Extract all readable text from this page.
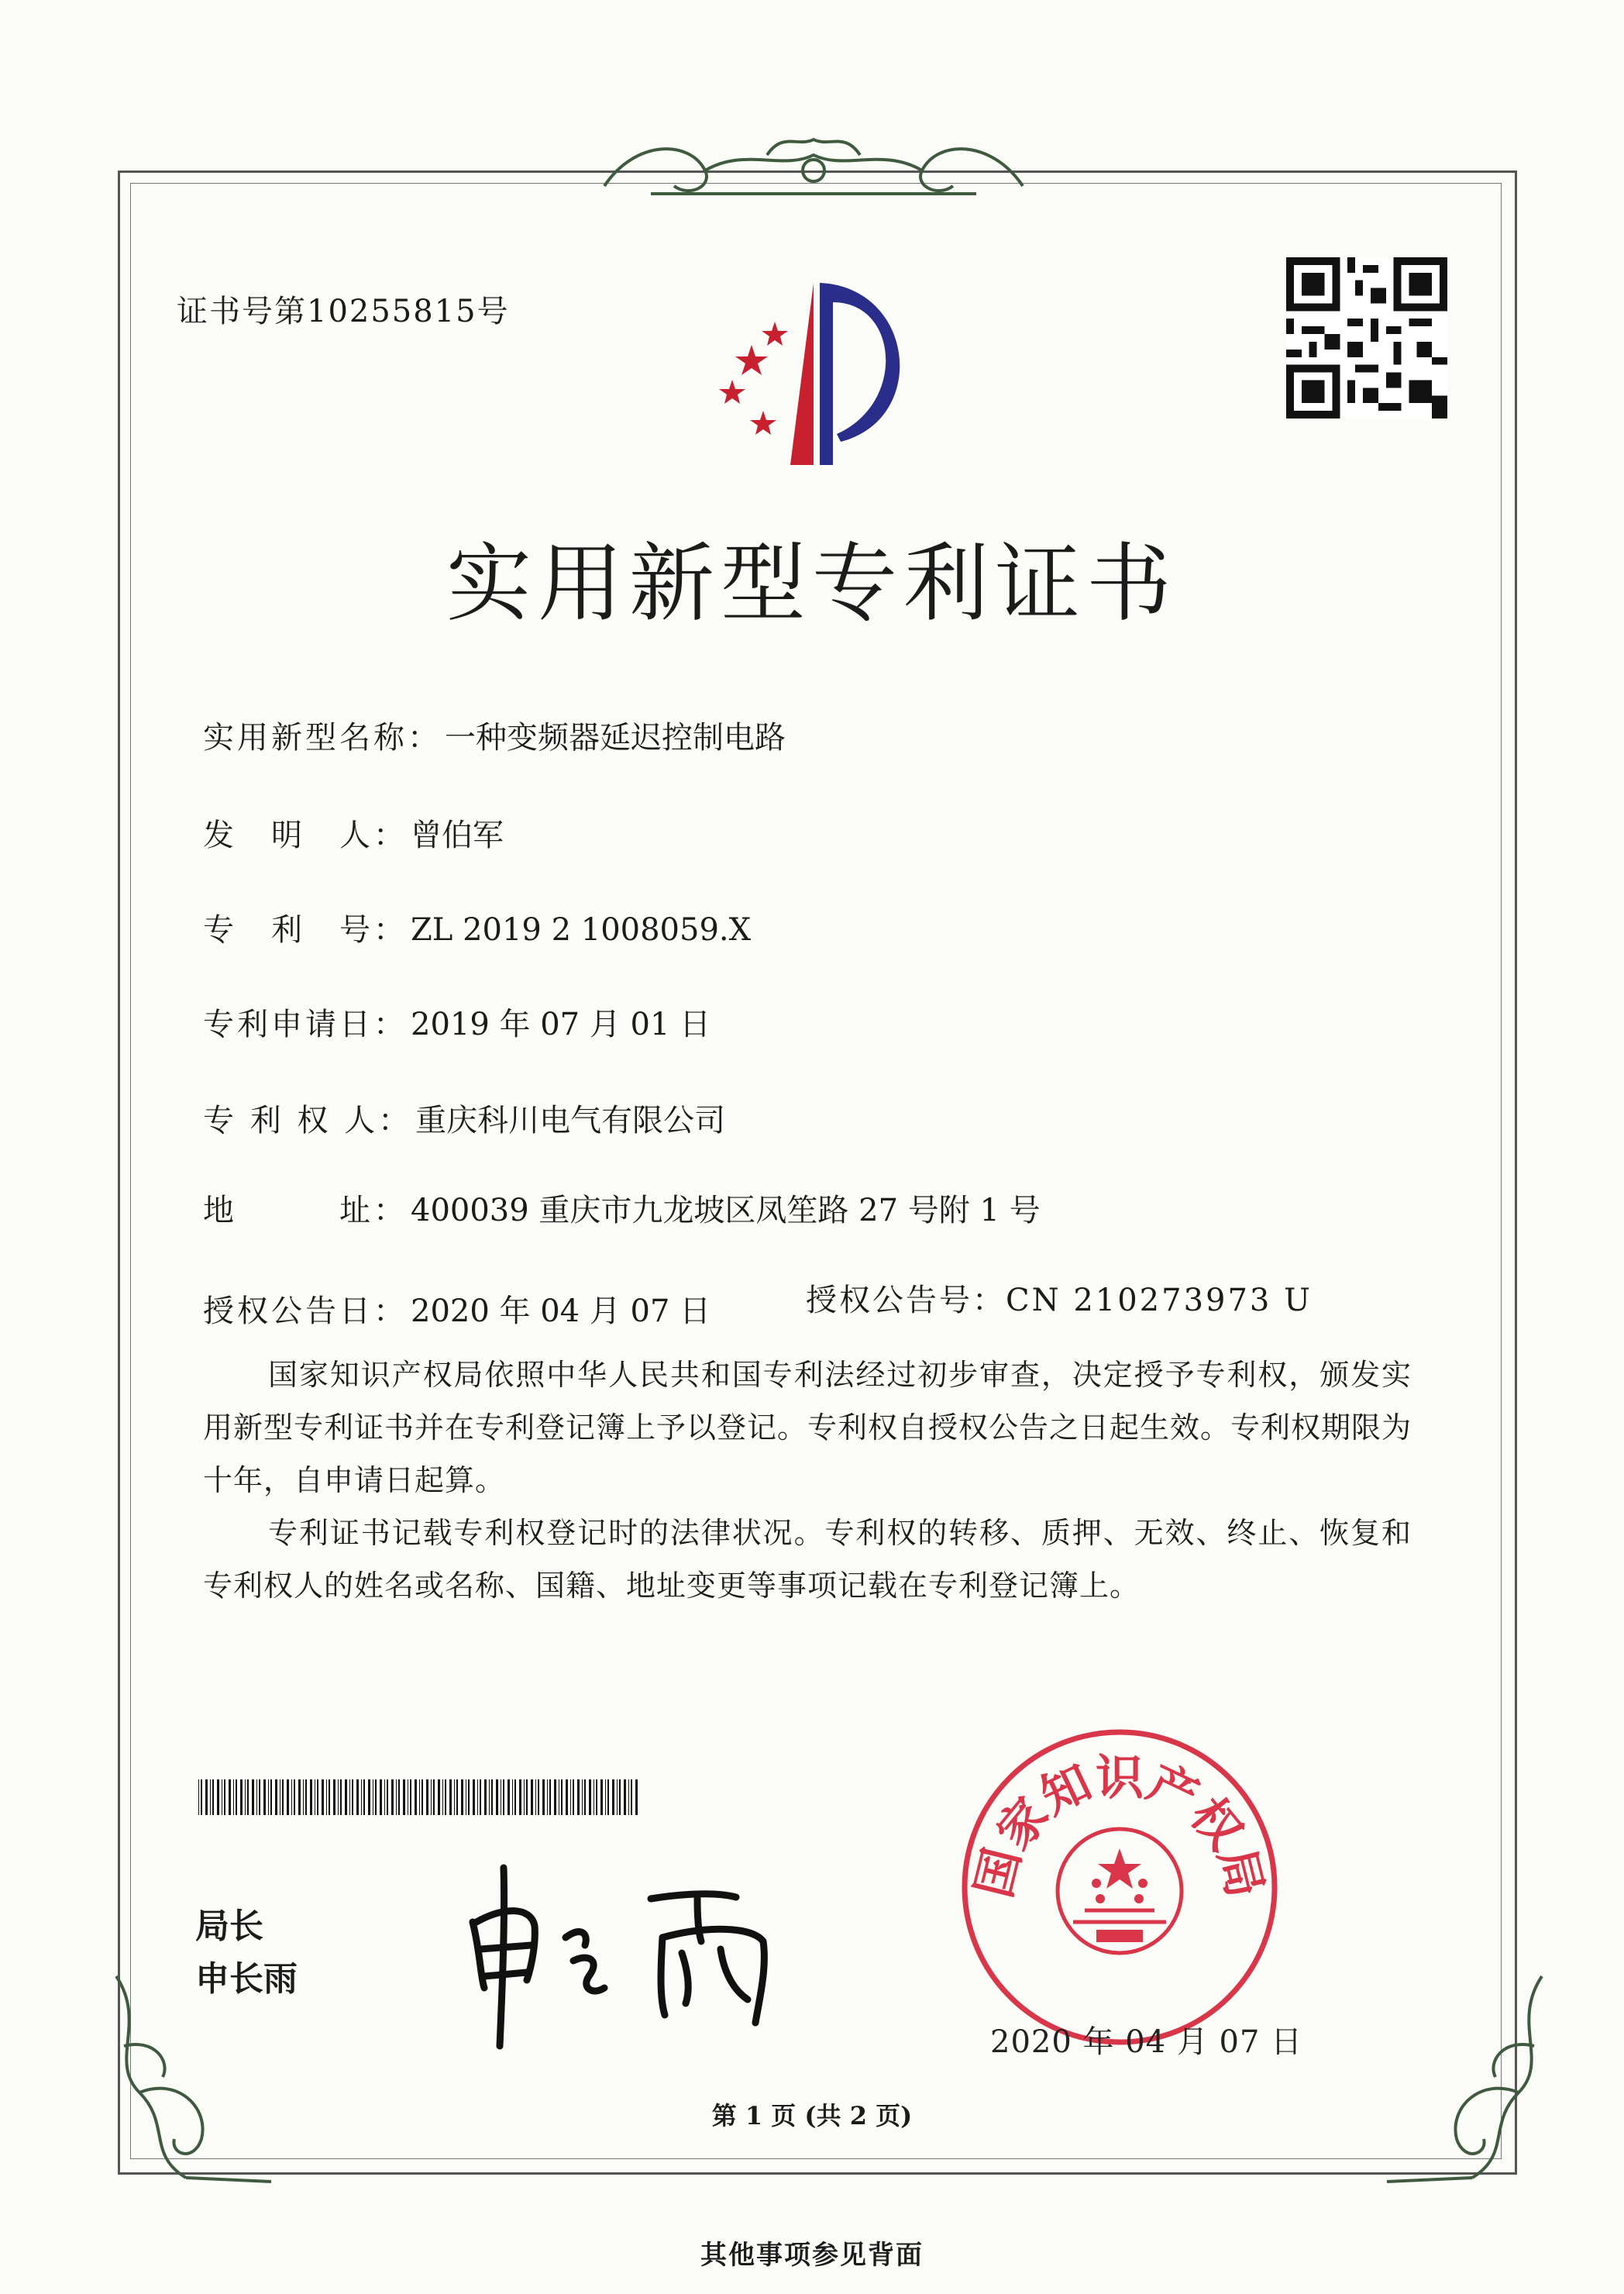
证书号第10255815号
实用新型专利证书
实用新型名称： 一种变频器延迟控制电路
发　明　人： 曾伯军
专　利　号： ZL 2019 2 1008059.X
专利申请日： 2019 年 07 月 01 日
专 利 权 人： 重庆科川电气有限公司
地　　　址： 400039 重庆市九龙坡区凤笙路 27 号附 1 号
授权公告日： 2020 年 04 月 07 日	授权公告号：CN 210273973 U
国家知识产权局依照中华人民共和国专利法经过初步审查，决定授予专利权，颁发实用新型专利证书并在专利登记簿上予以登记。专利权自授权公告之日起生效。专利权期限为十年，自申请日起算。
专利证书记载专利权登记时的法律状况。专利权的转移、质押、无效、终止、恢复和专利权人的姓名或名称、国籍、地址变更等事项记载在专利登记簿上。
局长
申长雨
国家知识产权局
2020 年 04 月 07 日
第 1 页 (共 2 页)
其他事项参见背面
